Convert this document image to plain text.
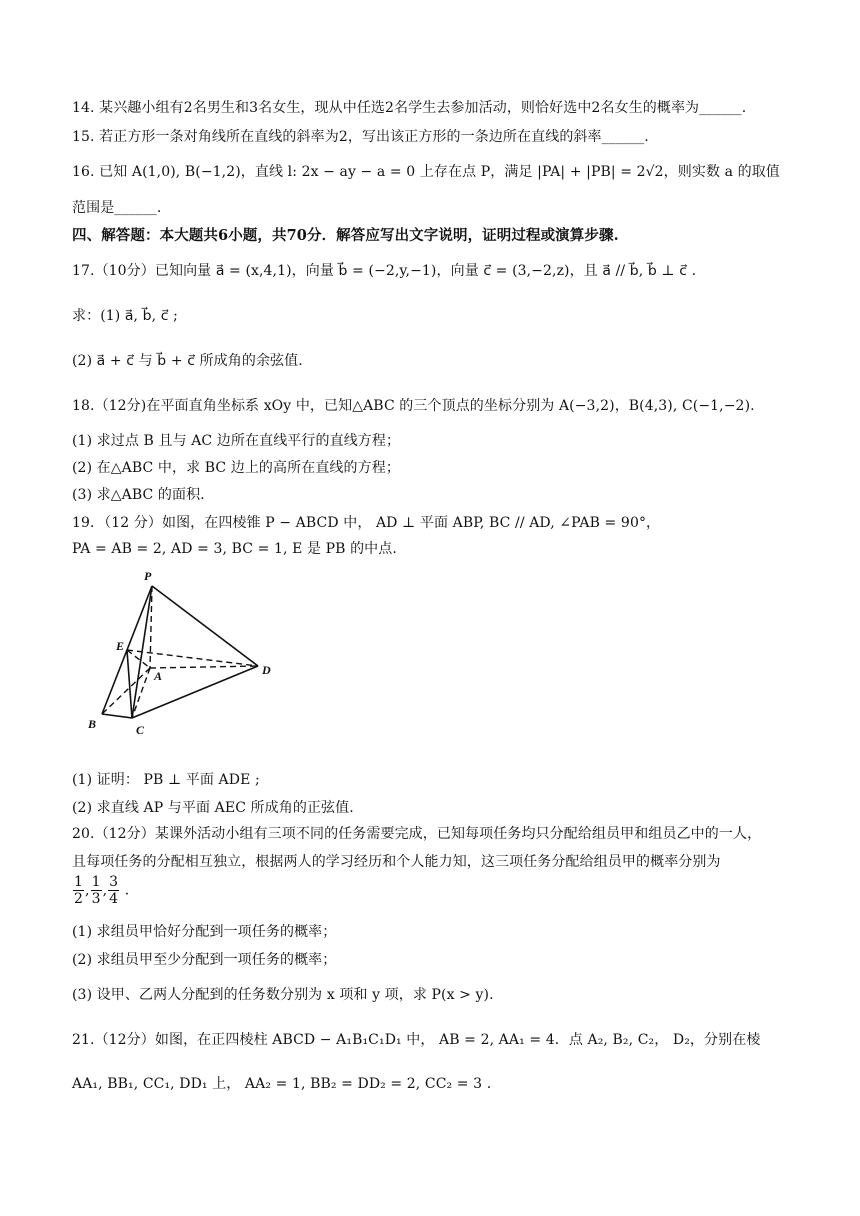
14. 某兴趣小组有2名男生和3名女生，现从中任选2名学生去参加活动，则恰好选中2名女生的概率为______.
15. 若正方形一条对角线所在直线的斜率为2，写出该正方形的一条边所在直线的斜率______.
16. 已知 A(1,0), B(−1,2)，直线 l: 2x − ay − a = 0 上存在点 P，满足 |PA| + |PB| = 2√2，则实数 a 的取值
范围是______.
四、解答题：本大题共6小题，共70分．解答应写出文字说明，证明过程或演算步骤.
17.（10分）已知向量 a⃗ = (x,4,1)，向量 b⃗ = (−2,y,−1)，向量 c⃗ = (3,−2,z)，且 a⃗ // b⃗, b⃗ ⊥ c⃗ .
求：(1) a⃗, b⃗, c⃗ ;
(2) a⃗ + c⃗ 与 b⃗ + c⃗ 所成角的余弦值.
18.（12分)在平面直角坐标系 xOy 中，已知△ABC 的三个顶点的坐标分别为 A(−3,2)，B(4,3), C(−1,−2).
(1) 求过点 B 且与 AC 边所在直线平行的直线方程；
(2) 在△ABC 中，求 BC 边上的高所在直线的方程；
(3) 求△ABC 的面积.
19．（12 分）如图，在四棱锥 P − ABCD 中， AD ⊥ 平面 ABP, BC // AD, ∠PAB = 90°，
PA = AB = 2, AD = 3, BC = 1, E 是 PB 的中点.
P
E
A	D
B	C
(1) 证明： PB ⊥ 平面 ADE ;
(2) 求直线 AP 与平面 AEC 所成角的正弦值.
20.（12分）某课外活动小组有三项不同的任务需要完成，已知每项任务均只分配给组员甲和组员乙中的一人，
且每项任务的分配相互独立，根据两人的学习经历和个人能力知，这三项任务分配给组员甲的概率分别为
$\frac{1}{2}$ , $\frac{1}{3}$ , $\frac{3}{4}$ .
(1) 求组员甲恰好分配到一项任务的概率；
(2) 求组员甲至少分配到一项任务的概率；
(3) 设甲、乙两人分配到的任务数分别为 x 项和 y 项，求 P(x > y).
21.（12分）如图，在正四棱柱 ABCD − A₁B₁C₁D₁ 中， AB = 2, AA₁ = 4．点 A₂, B₂, C₂， D₂，分别在棱
AA₁, BB₁, CC₁, DD₁ 上， AA₂ = 1, BB₂ = DD₂ = 2, CC₂ = 3 .
